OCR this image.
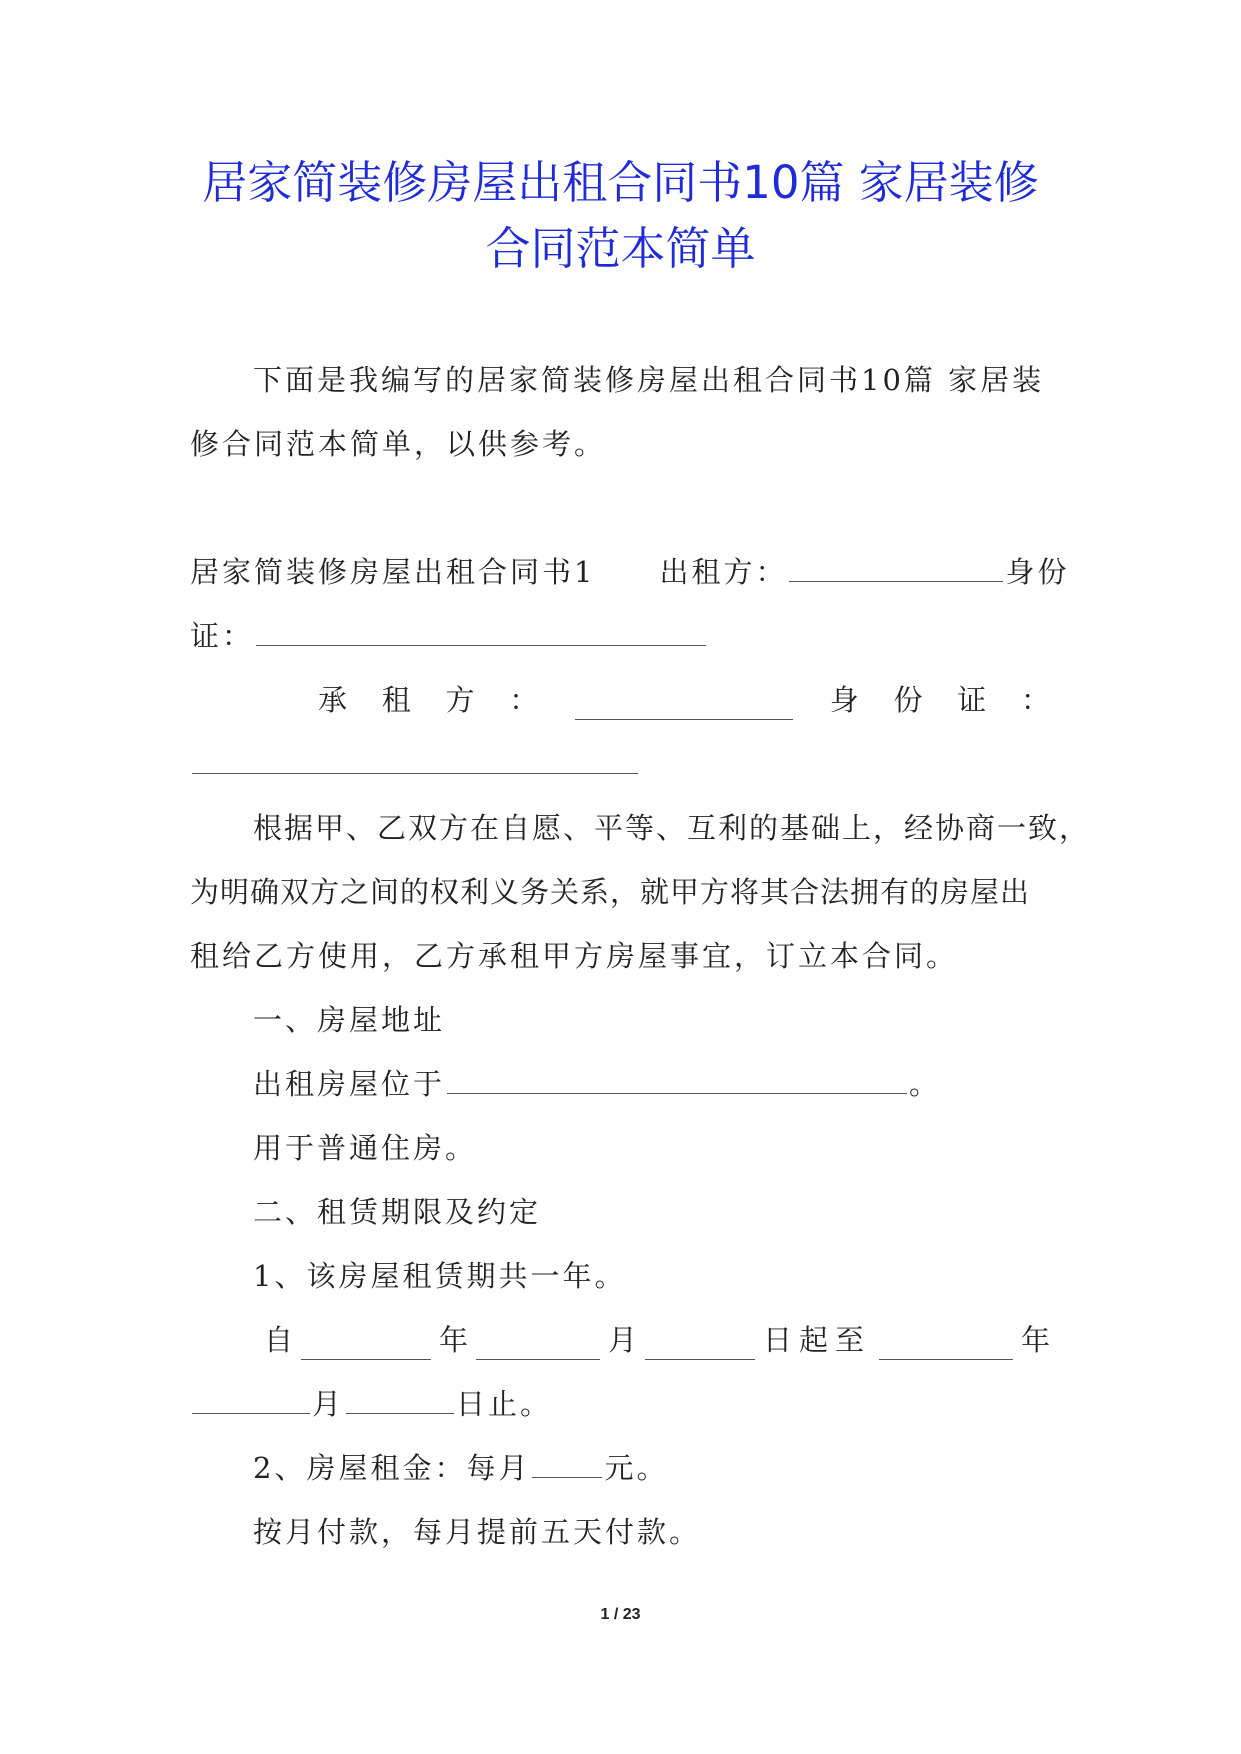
居家简装修房屋出租合同书10篇 家居装修
合同范本简单

下面是我编写的居家简装修房屋出租合同书10篇 家居装

修合同范本简单，以供参考。

居家简装修房屋出租合同书1 出租方：	身份

证：

承 租 方 ：	身 份 证 ：

根据甲、乙双方在自愿、平等、互利的基础上，经协商一致，

为明确双方之间的权利义务关系，就甲方将其合法拥有的房屋出

租给乙方使用，乙方承租甲方房屋事宜，订立本合同。

一、房屋地址

出租房屋位于	。

用于普通住房。

二、租赁期限及约定

1、该房屋租赁期共一年。

自	年	月	日起至	年

月	日止。

2、房屋租金：每月	元。

按月付款，每月提前五天付款。

1 / 23
